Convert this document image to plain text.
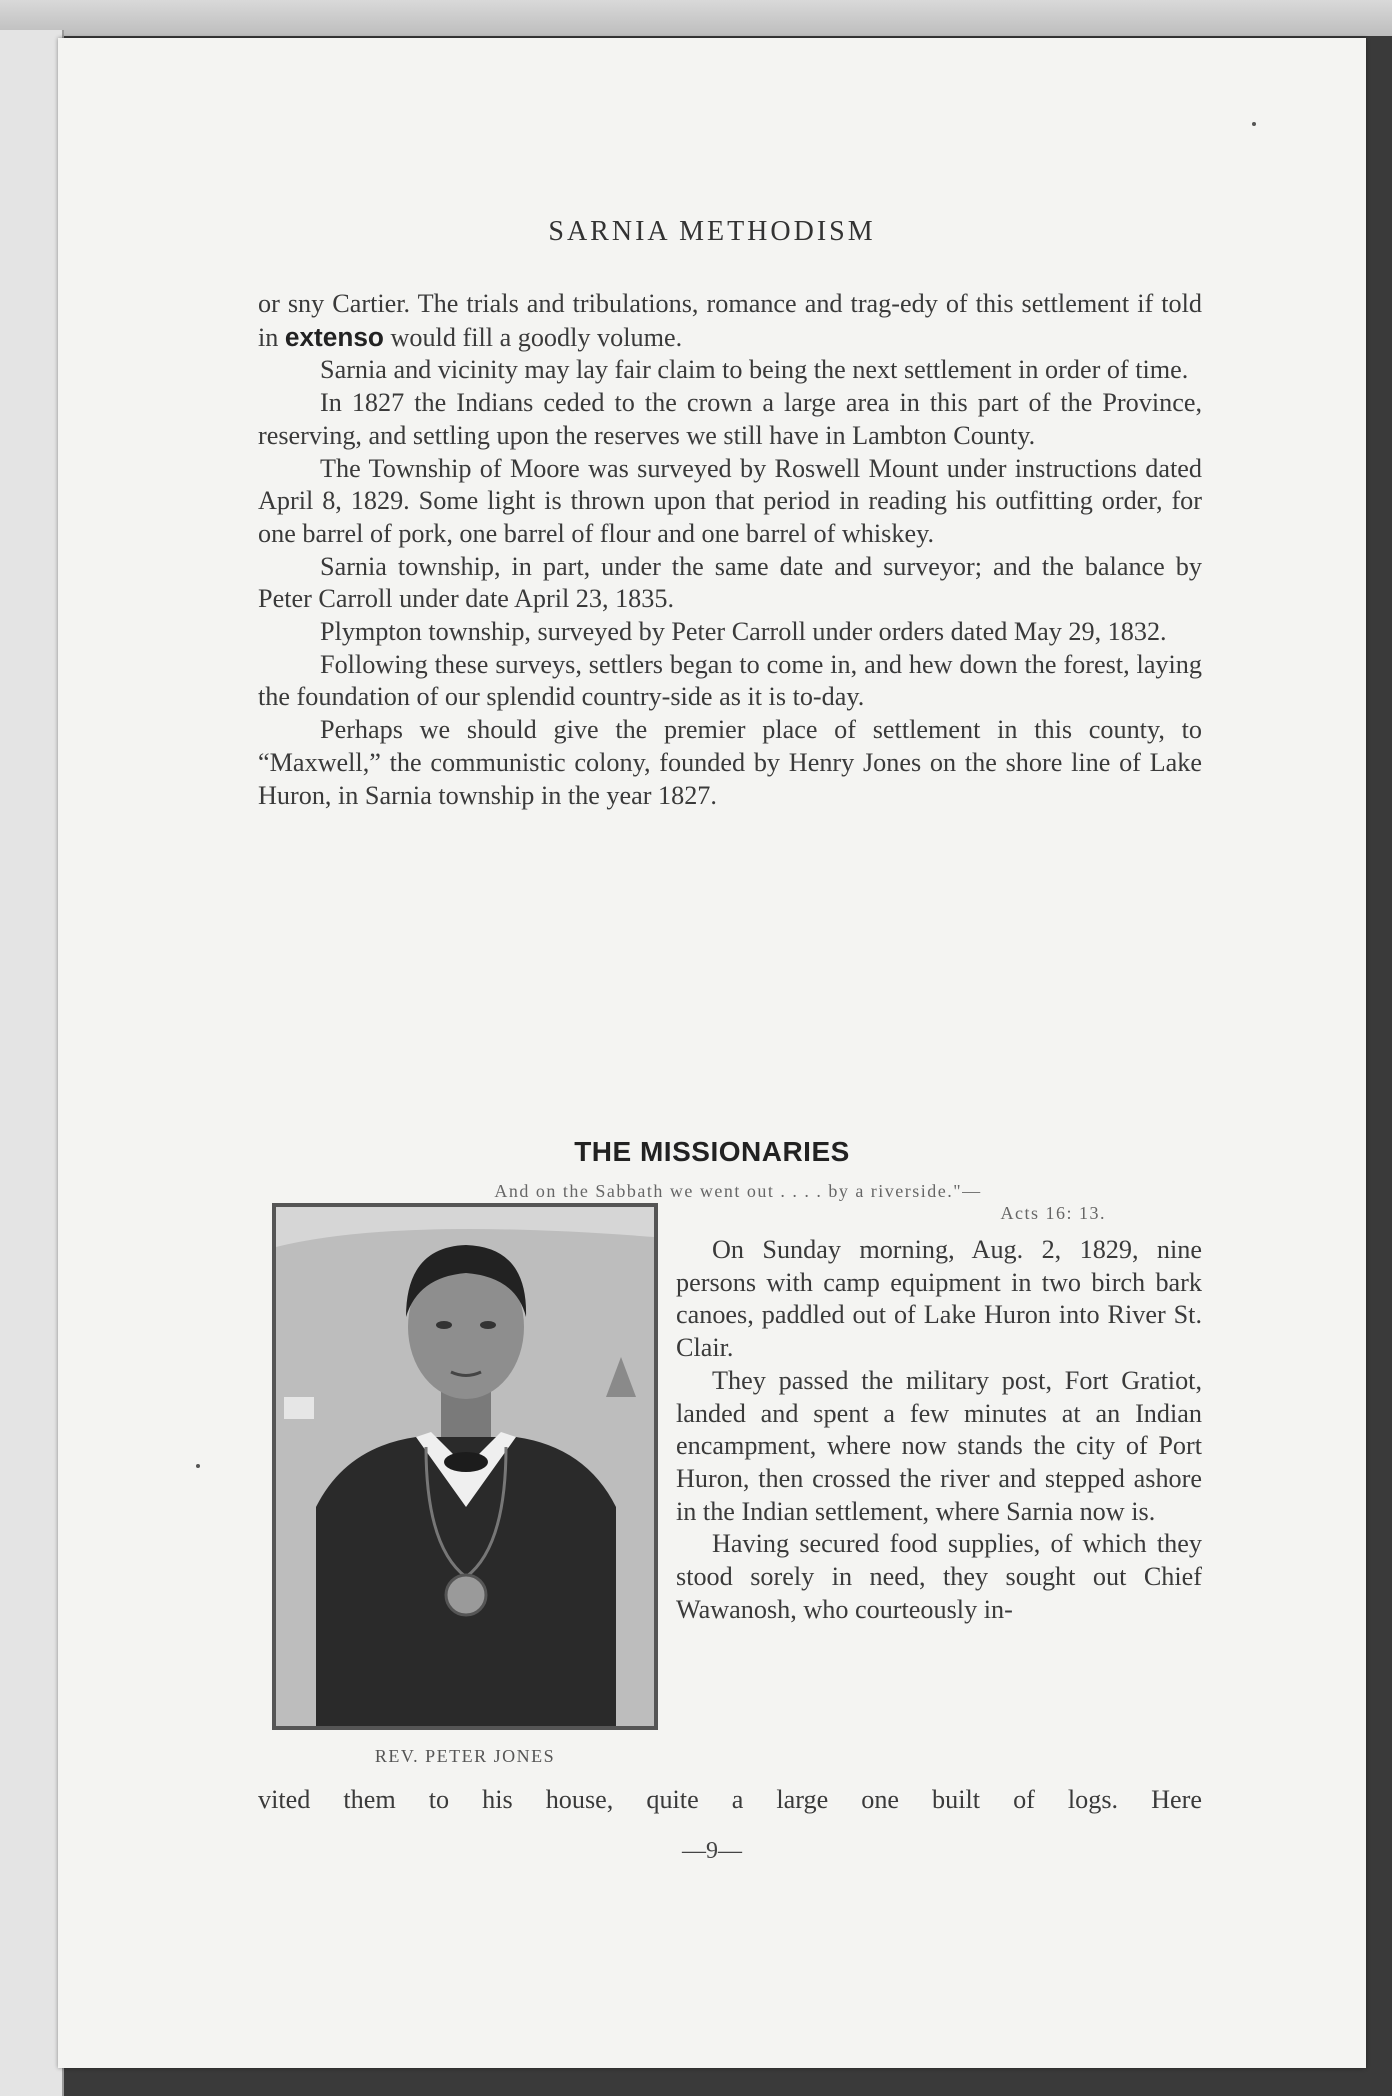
SARNIA METHODISM

or sny Cartier. The trials and tribulations, romance and trag-edy of this settlement if told in extenso would fill a goodly volume.

Sarnia and vicinity may lay fair claim to being the next settlement in order of time.

In 1827 the Indians ceded to the crown a large area in this part of the Province, reserving, and settling upon the reserves we still have in Lambton County.

The Township of Moore was surveyed by Roswell Mount under instructions dated April 8, 1829. Some light is thrown upon that period in reading his outfitting order, for one barrel of pork, one barrel of flour and one barrel of whiskey.

Sarnia township, in part, under the same date and surveyor; and the balance by Peter Carroll under date April 23, 1835.

Plympton township, surveyed by Peter Carroll under orders dated May 29, 1832.

Following these surveys, settlers began to come in, and hew down the forest, laying the foundation of our splendid country-side as it is to-day.

Perhaps we should give the premier place of settlement in this county, to “Maxwell,” the communistic colony, founded by Henry Jones on the shore line of Lake Huron, in Sarnia township in the year 1827.

THE MISSIONARIES
And on the Sabbath we went out . . . . by a riverside."—
Acts 16: 13.
REV. PETER JONES

On Sunday morning, Aug. 2, 1829, nine persons with camp equipment in two birch bark canoes, paddled out of Lake Huron into River St. Clair.

They passed the military post, Fort Gratiot, landed and spent a few minutes at an Indian encampment, where now stands the city of Port Huron, then crossed the river and stepped ashore in the Indian settlement, where Sarnia now is.

Having secured food supplies, of which they stood sorely in need, they sought out Chief Wawanosh, who courteously in-

vited them to his house, quite a large one built of logs. Here
—9—
